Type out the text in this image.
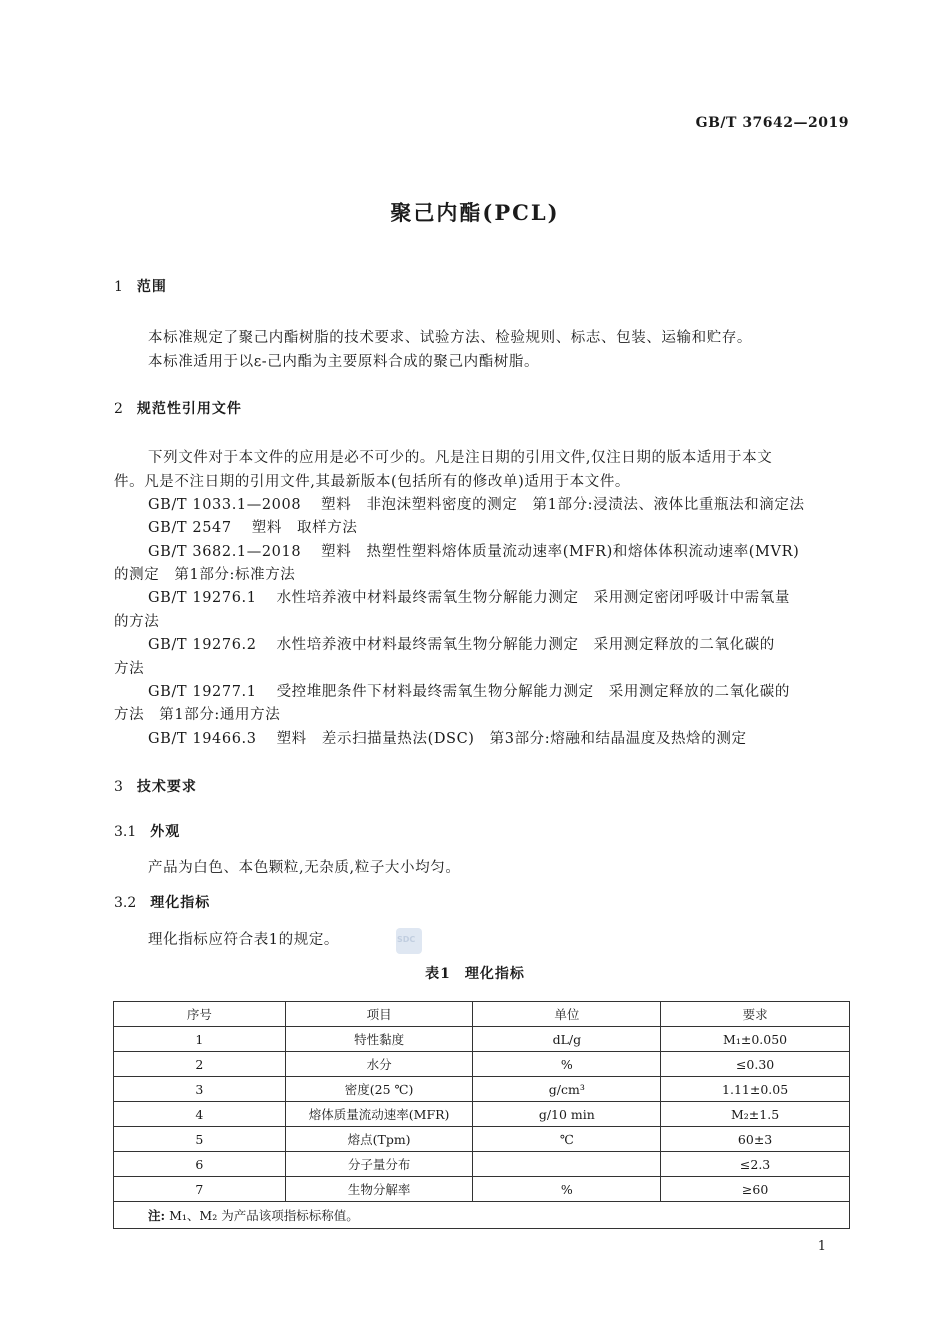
GB/T 37642—2019
聚己内酯(PCL)
1 范围
本标准规定了聚己内酯树脂的技术要求、试验方法、检验规则、标志、包装、运输和贮存。
本标准适用于以ε-己内酯为主要原料合成的聚己内酯树脂。
2 规范性引用文件
下列文件对于本文件的应用是必不可少的。凡是注日期的引用文件,仅注日期的版本适用于本文
件。凡是不注日期的引用文件,其最新版本(包括所有的修改单)适用于本文件。
GB/T 1033.1—2008 塑料　非泡沫塑料密度的测定　第1部分:浸渍法、液体比重瓶法和滴定法
GB/T 2547 塑料　取样方法
GB/T 3682.1—2018 塑料　热塑性塑料熔体质量流动速率(MFR)和熔体体积流动速率(MVR)
的测定　第1部分:标准方法
GB/T 19276.1 水性培养液中材料最终需氧生物分解能力测定　采用测定密闭呼吸计中需氧量
的方法
GB/T 19276.2 水性培养液中材料最终需氧生物分解能力测定　采用测定释放的二氧化碳的
方法
GB/T 19277.1 受控堆肥条件下材料最终需氧生物分解能力测定　采用测定释放的二氧化碳的
方法　第1部分:通用方法
GB/T 19466.3 塑料　差示扫描量热法(DSC)　第3部分:熔融和结晶温度及热焓的测定
3 技术要求
3.1 外观
产品为白色、本色颗粒,无杂质,粒子大小均匀。
3.2 理化指标
理化指标应符合表1的规定。	SDC
表1 理化指标
序号	项目	单位	要求
1	特性黏度	dL/g	M₁±0.050
2	水分	%	≤0.30
3	密度(25 ℃)	g/cm³	1.11±0.05
4	熔体质量流动速率(MFR)	g/10 min	M₂±1.5
5	熔点(Tpm)	℃	60±3
6	分子量分布		≤2.3
7	生物分解率	%	≥60
注: M₁、M₂ 为产品该项指标标称值。			
1
